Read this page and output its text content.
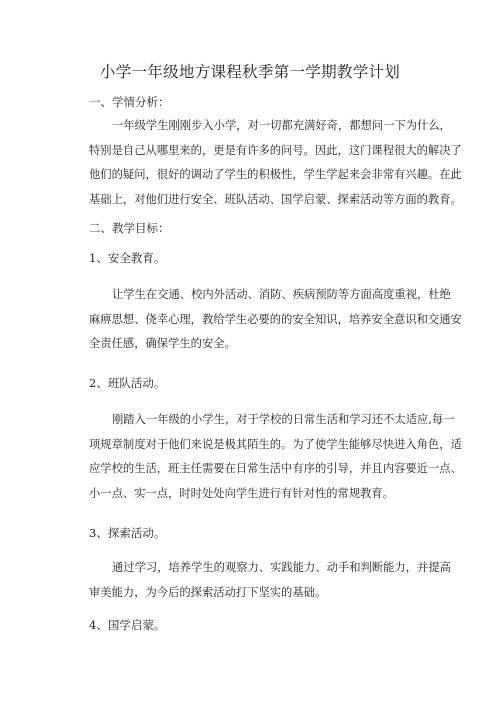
小学一年级地方课程秋季第一学期教学计划
一、学情分析：
一年级学生刚刚步入小学，对一切都充满好奇，都想问一下为什么，
特别是自己从哪里来的，更是有许多的问号。因此，这门课程很大的解决了
他们的疑问，很好的调动了学生的积极性，学生学起来会非常有兴趣。在此
基础上，对他们进行安全、班队活动、国学启蒙、探索活动等方面的教育。
二、教学目标：
1、安全教育。
让学生在交通、校内外活动、消防、疾病预防等方面高度重视，杜绝
麻痹思想、侥幸心理，教给学生必要的的安全知识，培养安全意识和交通安
全责任感，确保学生的安全。
2、班队活动。
刚踏入一年级的小学生，对于学校的日常生活和学习还不太适应,每一
项规章制度对于他们来说是极其陌生的。为了使学生能够尽快进入角色，适
应学校的生活，班主任需要在日常生活中有序的引导，并且内容要近一点、
小一点、实一点，时时处处向学生进行有针对性的常规教育。
3、探索活动。
通过学习，培养学生的观察力、实践能力、动手和判断能力，并提高
审美能力，为今后的探索活动打下坚实的基础。
4、国学启蒙。
